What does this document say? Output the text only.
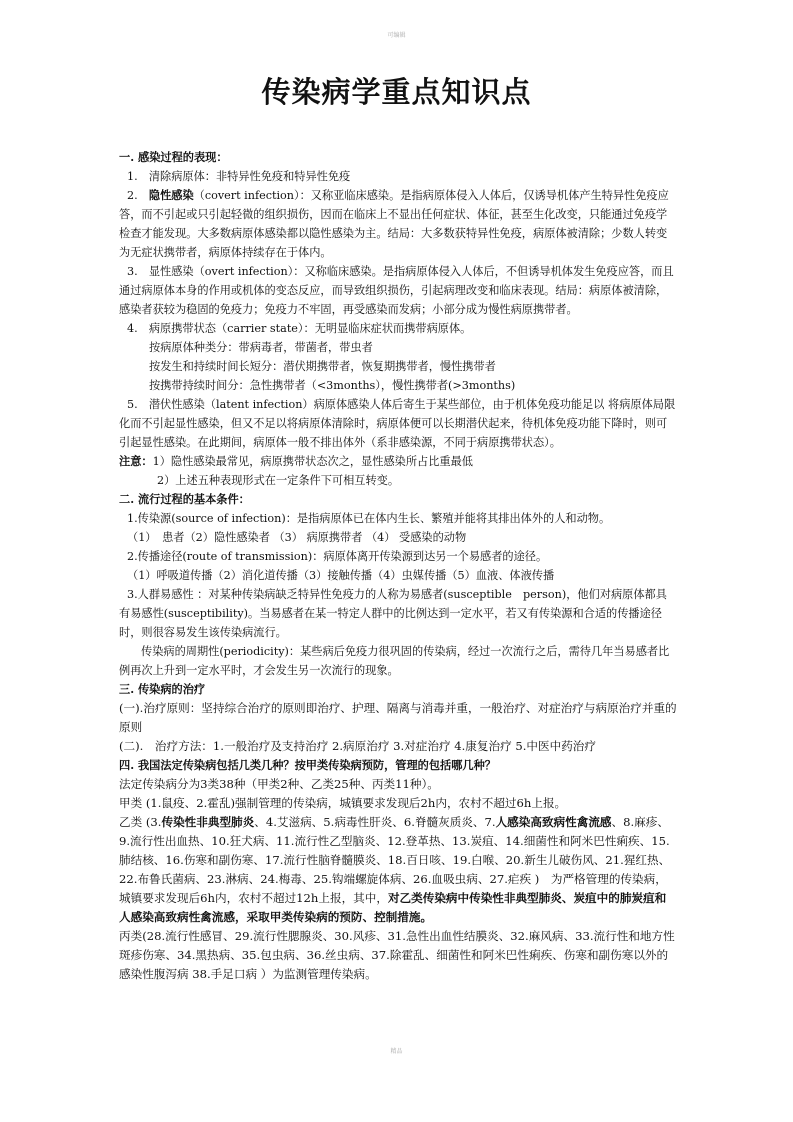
可编辑
传染病学重点知识点

一. 感染过程的表现：

1.　清除病原体：非特异性免疫和特异性免疫

2.　隐性感染（covert infection）：又称亚临床感染。是指病原体侵入人体后，仅诱导机体产生特异性免疫应答，而不引起或只引起轻微的组织损伤，因而在临床上不显出任何症状、体征，甚至生化改变，只能通过免疫学检查才能发现。大多数病原体感染都以隐性感染为主。结局：大多数获特异性免疫，病原体被清除；少数人转变为无症状携带者，病原体持续存在于体内。

3.　显性感染（overt infection）：又称临床感染。是指病原体侵入人体后，不但诱导机体发生免疫应答，而且通过病原体本身的作用或机体的变态反应，而导致组织损伤，引起病理改变和临床表现。结局：病原体被清除，感染者获较为稳固的免疫力；免疫力不牢固，再受感染而发病；小部分成为慢性病原携带者。

4.　病原携带状态（carrier state）：无明显临床症状而携带病原体。

按病原体种类分：带病毒者，带菌者，带虫者

按发生和持续时间长短分：潜伏期携带者，恢复期携带者，慢性携带者

按携带持续时间分：急性携带者（<3months），慢性携带者(>3months)

5.　潜伏性感染（latent infection）病原体感染人体后寄生于某些部位，由于机体免疫功能足以 将病原体局限化而不引起显性感染，但又不足以将病原体清除时，病原体便可以长期潜伏起来，待机体免疫功能下降时，则可引起显性感染。在此期间，病原体一般不排出体外（系非感染源，不同于病原携带状态）。

注意：1）隐性感染最常见，病原携带状态次之，显性感染所占比重最低

2）上述五种表现形式在一定条件下可相互转变。

二. 流行过程的基本条件：

1.传染源(source of infection)：是指病原体已在体内生长、繁殖并能将其排出体外的人和动物。

（1）　患者（2）隐性感染者 （3） 病原携带者 （4） 受感染的动物

2.传播途径(route of transmission)：病原体离开传染源到达另一个易感者的途径。

（1）呼吸道传播（2）消化道传播（3）接触传播（4）虫媒传播（5）血液、体液传播

3.人群易感性 ：对某种传染病缺乏特异性免疫力的人称为易感者(susceptible　person)，他们对病原体都具有易感性(susceptibility)。当易感者在某一特定人群中的比例达到一定水平，若又有传染源和合适的传播途径时，则很容易发生该传染病流行。

传染病的周期性(periodicity)：某些病后免疫力很巩固的传染病，经过一次流行之后，需待几年当易感者比例再次上升到一定水平时，才会发生另一次流行的现象。

三. 传染病的治疗

(一).治疗原则：坚持综合治疗的原则即治疗、护理、隔离与消毒并重，一般治疗、对症治疗与病原治疗并重的原则

(二).　治疗方法：1.一般治疗及支持治疗 2.病原治疗 3.对症治疗 4.康复治疗 5.中医中药治疗

四. 我国法定传染病包括几类几种？按甲类传染病预防，管理的包括哪几种？

法定传染病分为3类38种（甲类2种、乙类25种、丙类11种）。

甲类 (1.鼠疫、2.霍乱)强制管理的传染病，城镇要求发现后2h内，农村不超过6h上报。

乙类 (3.传染性非典型肺炎、4.艾滋病、5.病毒性肝炎、6.脊髓灰质炎、7.人感染高致病性禽流感、8.麻疹、9.流行性出血热、10.狂犬病、11.流行性乙型脑炎、12.登革热、13.炭疽、14.细菌性和阿米巴性痢疾、15.肺结核、16.伤寒和副伤寒、17.流行性脑脊髓膜炎、18.百日咳、19.白喉、20.新生儿破伤风、21.猩红热、22.布鲁氏菌病、23.淋病、24.梅毒、25.钩端螺旋体病、26.血吸虫病、27.疟疾 )　为严格管理的传染病，城镇要求发现后6h内，农村不超过12h上报，其中，对乙类传染病中传染性非典型肺炎、炭疽中的肺炭疽和人感染高致病性禽流感，采取甲类传染病的预防、控制措施。

丙类(28.流行性感冒、29.流行性腮腺炎、30.风疹、31.急性出血性结膜炎、32.麻风病、33.流行性和地方性斑疹伤寒、34.黑热病、35.包虫病、36.丝虫病、37.除霍乱、细菌性和阿米巴性痢疾、伤寒和副伤寒以外的感染性腹泻病 38.手足口病 ）为监测管理传染病。

精品
